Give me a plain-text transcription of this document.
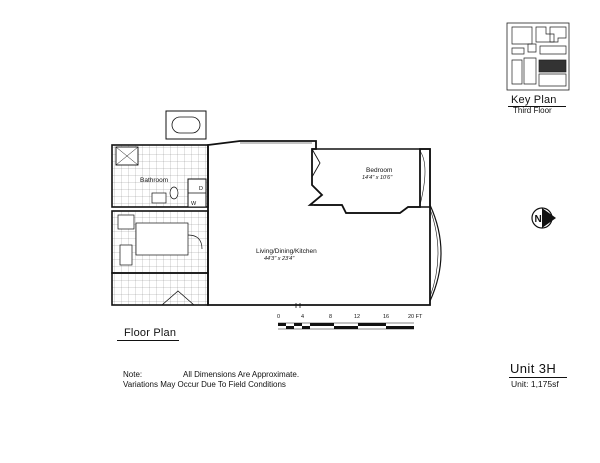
Key Plan
Third Floor
N
Bathroom
Bedroom
14'4" x 10'6"
Living/Dining/Kitchen
44'3" x 23'4"
D
W
0	4	8	12	16	20 FT
Floor Plan
Note:	All Dimensions Are Approximate.
Variations May Occur Due To Field Conditions
Unit 3H
Unit: 1,175sf
